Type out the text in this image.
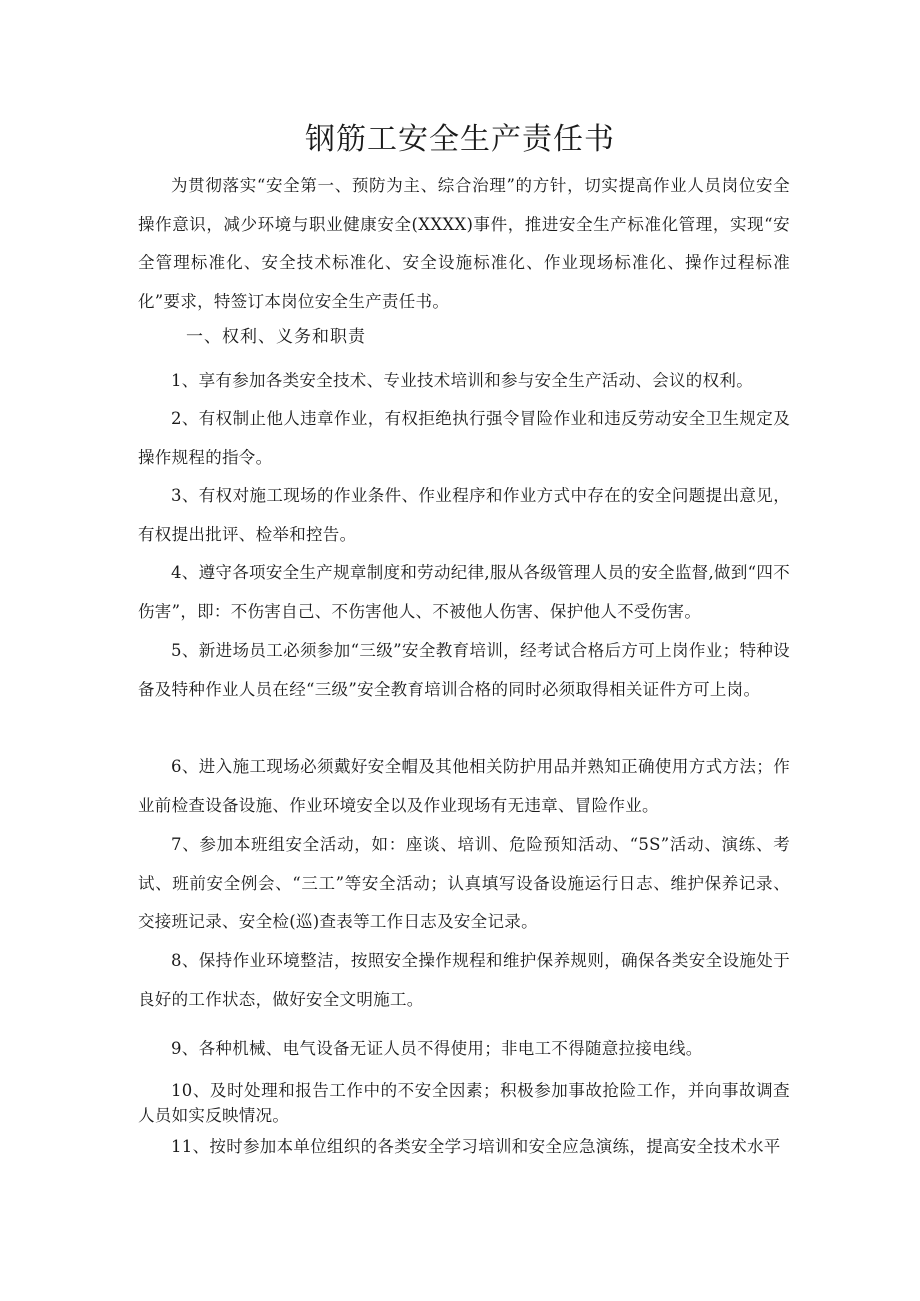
钢筋工安全生产责任书

为贯彻落实“安全第一、预防为主、综合治理”的方针，切实提高作业人员岗位安全操作意识，减少环境与职业健康安全(XXXX)事件，推进安全生产标准化管理，实现“安全管理标准化、安全技术标准化、安全设施标准化、作业现场标准化、操作过程标准化”要求，特签订本岗位安全生产责任书。

一、权利、义务和职责

1、享有参加各类安全技术、专业技术培训和参与安全生产活动、会议的权利。

2、有权制止他人违章作业，有权拒绝执行强令冒险作业和违反劳动安全卫生规定及操作规程的指令。

3、有权对施工现场的作业条件、作业程序和作业方式中存在的安全问题提出意见，有权提出批评、检举和控告。

4、遵守各项安全生产规章制度和劳动纪律,服从各级管理人员的安全监督,做到“四不伤害”，即：不伤害自己、不伤害他人、不被他人伤害、保护他人不受伤害。

5、新进场员工必须参加“三级”安全教育培训，经考试合格后方可上岗作业；特种设备及特种作业人员在经“三级”安全教育培训合格的同时必须取得相关证件方可上岗。

6、进入施工现场必须戴好安全帽及其他相关防护用品并熟知正确使用方式方法；作业前检查设备设施、作业环境安全以及作业现场有无违章、冒险作业。

7、参加本班组安全活动，如：座谈、培训、危险预知活动、“5S”活动、演练、考试、班前安全例会、“三工”等安全活动；认真填写设备设施运行日志、维护保养记录、交接班记录、安全检(巡)查表等工作日志及安全记录。

8、保持作业环境整洁，按照安全操作规程和维护保养规则，确保各类安全设施处于良好的工作状态，做好安全文明施工。

9、各种机械、电气设备无证人员不得使用；非电工不得随意拉接电线。

10、及时处理和报告工作中的不安全因素；积极参加事故抢险工作，并向事故调查人员如实反映情况。

11、按时参加本单位组织的各类安全学习培训和安全应急演练，提高安全技术水平
